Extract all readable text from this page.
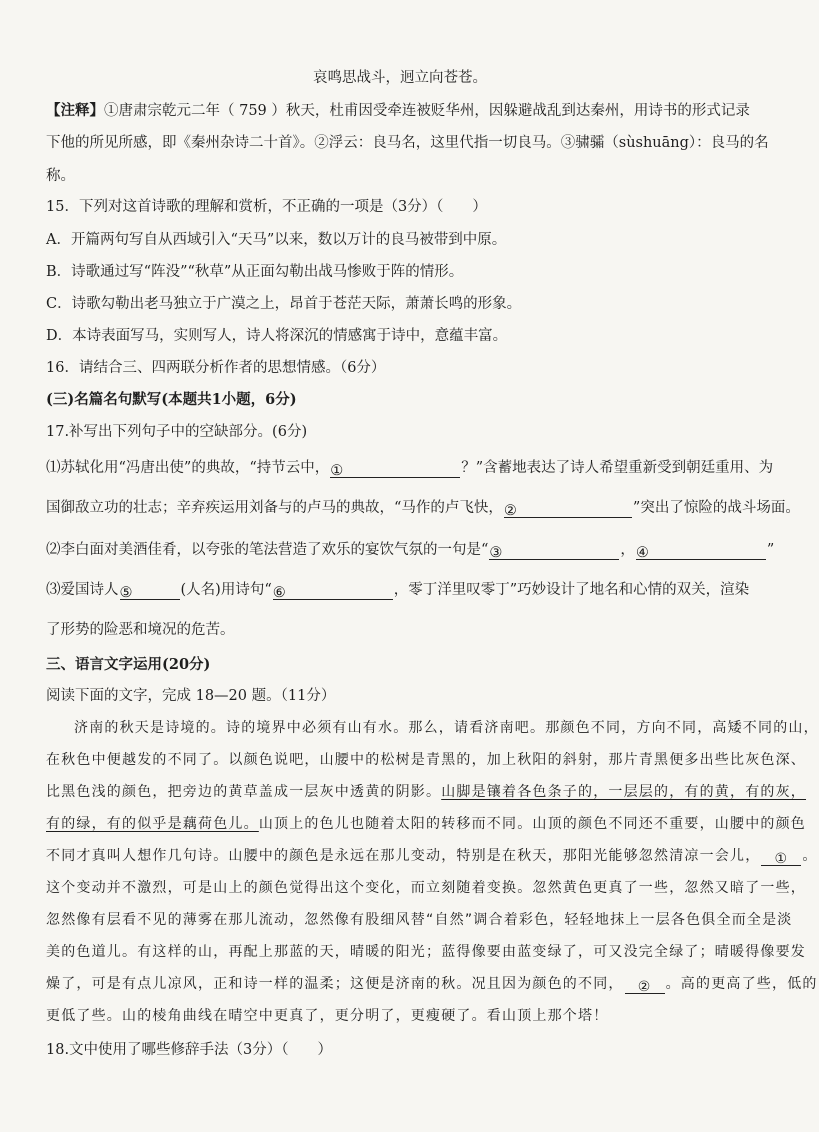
哀鸣思战斗，迥立向苍苍。
【注释】①唐肃宗乾元二年（ 759 ）秋天，杜甫因受牵连被贬华州，因躲避战乱到达秦州，用诗书的形式记录
下他的所见所感，即《秦州杂诗二十首》。②浮云：良马名，这里代指一切良马。③骕骦（sùshuāng）：良马的名
称。
15．下列对这首诗歌的理解和赏析，不正确的一项是（3分）（　　）
A．开篇两句写自从西域引入“天马”以来，数以万计的良马被带到中原。
B．诗歌通过写“阵没”“秋草”从正面勾勒出战马惨败于阵的情形。
C．诗歌勾勒出老马独立于广漠之上，昂首于苍茫天际，萧萧长鸣的形象。
D．本诗表面写马，实则写人，诗人将深沉的情感寓于诗中，意蕴丰富。
16．请结合三、四两联分析作者的思想情感。（6分）
(三)名篇名句默写(本题共1小题，6分)
17.补写出下列句子中的空缺部分。(6分)
⑴苏轼化用“冯唐出使”的典故，“持节云中，①	？”含蓄地表达了诗人希望重新受到朝廷重用、为
国御敌立功的壮志；辛弃疾运用刘备与的卢马的典故，“马作的卢飞快，②	”突出了惊险的战斗场面。
⑵李白面对美酒佳肴，以夸张的笔法营造了欢乐的宴饮气氛的一句是“③	，④	”
⑶爱国诗人⑤	(人名)用诗句“⑥	，零丁洋里叹零丁”巧妙设计了地名和心情的双关，渲染
了形势的险恶和境况的危苦。
三、语言文字运用(20分)
阅读下面的文字，完成 18—20 题。（11分）
济南的秋天是诗境的。诗的境界中必须有山有水。那么，请看济南吧。那颜色不同，方向不同，高矮不同的山，
在秋色中便越发的不同了。以颜色说吧，山腰中的松树是青黑的，加上秋阳的斜射，那片青黑便多出些比灰色深、
比黑色浅的颜色，把旁边的黄草盖成一层灰中透黄的阴影。山脚是镶着各色条子的，一层层的，有的黄，有的灰，
有的绿，有的似乎是藕荷色儿。山顶上的色儿也随着太阳的转移而不同。山顶的颜色不同还不重要，山腰中的颜色
不同才真叫人想作几句诗。山腰中的颜色是永远在那儿变动，特别是在秋天，那阳光能够忽然清凉一会儿， ① 。
这个变动并不激烈，可是山上的颜色觉得出这个变化，而立刻随着变换。忽然黄色更真了一些，忽然又暗了一些，
忽然像有层看不见的薄雾在那儿流动，忽然像有股细风替“自然”调合着彩色，轻轻地抹上一层各色俱全而全是淡
美的色道儿。有这样的山，再配上那蓝的天，晴暖的阳光；蓝得像要由蓝变绿了，可又没完全绿了；晴暖得像要发
燥了，可是有点儿凉风，正和诗一样的温柔；这便是济南的秋。况且因为颜色的不同， ② 。高的更高了些，低的
更低了些。山的棱角曲线在晴空中更真了，更分明了，更瘦硬了。看山顶上那个塔！
18.文中使用了哪些修辞手法（3分）（　　）
